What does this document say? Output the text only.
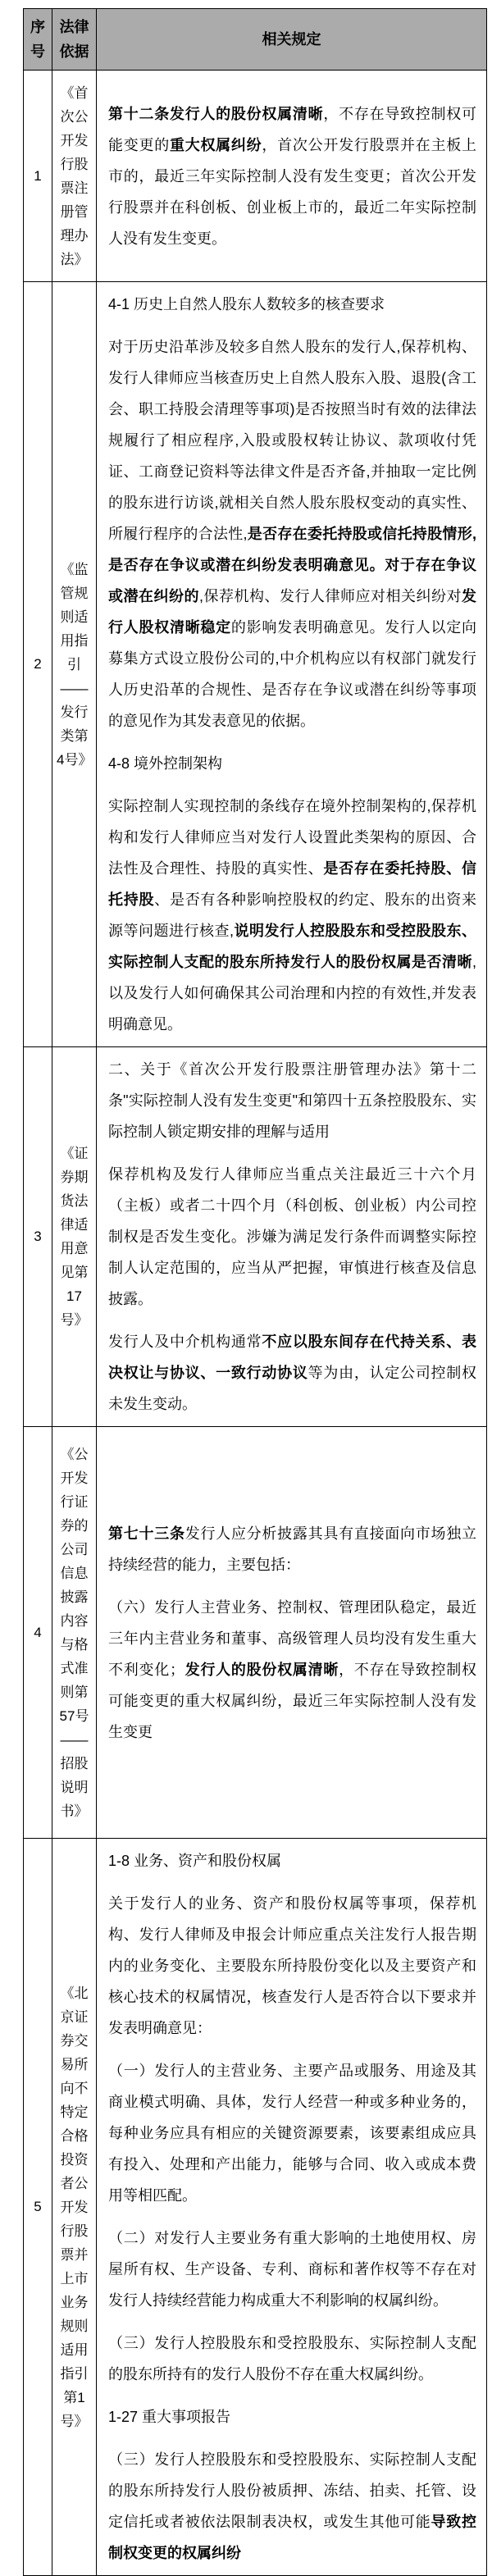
序号	法律依据	相关规定
1	《首次公开发行股票注册管理办法》	第十二条发行人的股份权属清晰，不存在导致控制权可能变更的重大权属纠纷，首次公开发行股票并在主板上市的，最近三年实际控制人没有发生变更；首次公开发行股票并在科创板、创业板上市的，最近二年实际控制人没有发生变更。

2	《监管规则适用指引——发行类第4号》	4-1 历史上自然人股东人数较多的核查要求

对于历史沿革涉及较多自然人股东的发行人,保荐机构、发行人律师应当核查历史上自然人股东入股、退股(含工会、职工持股会清理等事项)是否按照当时有效的法律法规履行了相应程序,入股或股权转让协议、款项收付凭证、工商登记资料等法律文件是否齐备,并抽取一定比例的股东进行访谈,就相关自然人股东股权变动的真实性、所履行程序的合法性,是否存在委托持股或信托持股情形,是否存在争议或潜在纠纷发表明确意见。对于存在争议或潜在纠纷的,保荐机构、发行人律师应对相关纠纷对发行人股权清晰稳定的影响发表明确意见。发行人以定向募集方式设立股份公司的,中介机构应以有权部门就发行人历史沿革的合规性、是否存在争议或潜在纠纷等事项的意见作为其发表意见的依据。

4-8 境外控制架构

实际控制人实现控制的条线存在境外控制架构的,保荐机构和发行人律师应当对发行人设置此类架构的原因、合法性及合理性、持股的真实性、是否存在委托持股、信托持股、是否有各种影响控股权的约定、股东的出资来源等问题进行核查,说明发行人控股股东和受控股股东、实际控制人支配的股东所持发行人的股份权属是否清晰,以及发行人如何确保其公司治理和内控的有效性,并发表明确意见。

3	《证券期货法律适用意见第17号》	二、关于《首次公开发行股票注册管理办法》第十二条"实际控制人没有发生变更"和第四十五条控股股东、实际控制人锁定期安排的理解与适用

保荐机构及发行人律师应当重点关注最近三十六个月（主板）或者二十四个月（科创板、创业板）内公司控制权是否发生变化。涉嫌为满足发行条件而调整实际控制人认定范围的，应当从严把握，审慎进行核查及信息披露。

发行人及中介机构通常不应以股东间存在代持关系、表决权让与协议、一致行动协议等为由，认定公司控制权未发生变动。

4	《公开发行证券的公司信息披露内容与格式准则第57号——招股说明书》	第七十三条发行人应分析披露其具有直接面向市场独立持续经营的能力，主要包括：

（六）发行人主营业务、控制权、管理团队稳定，最近三年内主营业务和董事、高级管理人员均没有发生重大不利变化；发行人的股份权属清晰，不存在导致控制权可能变更的重大权属纠纷，最近三年实际控制人没有发生变更

5	《北京证券交易所向不特定合格投资者公开发行股票并上市业务规则适用指引第1号》	

1-8 业务、资产和股份权属

关于发行人的业务、资产和股份权属等事项，保荐机构、发行人律师及申报会计师应重点关注发行人报告期内的业务变化、主要股东所持股份变化以及主要资产和核心技术的权属情况，核查发行人是否符合以下要求并发表明确意见：

（一）发行人的主营业务、主要产品或服务、用途及其商业模式明确、具体，发行人经营一种或多种业务的，每种业务应具有相应的关键资源要素，该要素组成应具有投入、处理和产出能力，能够与合同、收入或成本费用等相匹配。

（二）对发行人主要业务有重大影响的土地使用权、房屋所有权、生产设备、专利、商标和著作权等不存在对发行人持续经营能力构成重大不利影响的权属纠纷。

（三）发行人控股股东和受控股股东、实际控制人支配的股东所持有的发行人股份不存在重大权属纠纷。

1-27 重大事项报告

（三）发行人控股股东和受控股股东、实际控制人支配的股东所持发行人股份被质押、冻结、拍卖、托管、设定信托或者被依法限制表决权，或发生其他可能导致控制权变更的权属纠纷
